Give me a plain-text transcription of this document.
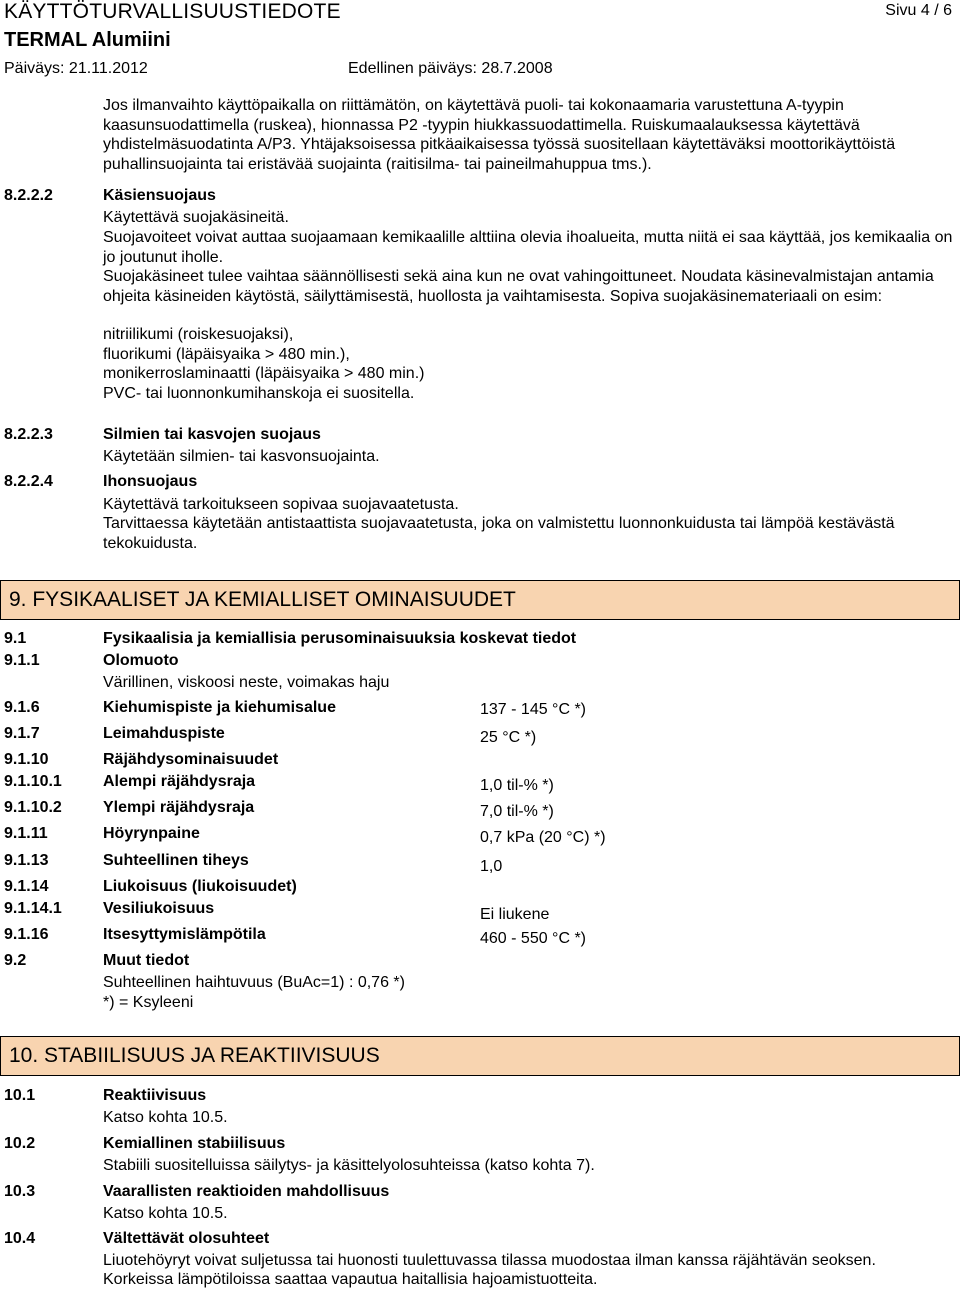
KÄYTTÖTURVALLISUUSTIEDOTE	Sivu 4 / 6
TERMAL Alumiini
Päiväys: 21.11.2012	Edellinen päiväys: 28.7.2008
Jos ilmanvaihto käyttöpaikalla on riittämätön, on käytettävä puoli- tai kokonaamaria varustettuna A-tyypin kaasunsuodattimella (ruskea), hionnassa P2 -tyypin hiukkassuodattimella. Ruiskumaalauksessa käytettävä yhdistelmäsuodatinta A/P3. Yhtäjaksoisessa pitkäaikaisessa työssä suositellaan käytettäväksi moottorikäyttöistä puhallinsuojainta tai eristävää suojainta (raitisilma- tai paineilmahuppua tms.).
8.2.2.2	Käsiensuojaus
Käytettävä suojakäsineitä.
Suojavoiteet voivat auttaa suojaamaan kemikaalille alttiina olevia ihoalueita, mutta niitä ei saa käyttää, jos kemikaalia on jo joutunut iholle.
Suojakäsineet tulee vaihtaa säännöllisesti sekä aina kun ne ovat vahingoittuneet. Noudata käsinevalmistajan antamia ohjeita käsineiden käytöstä, säilyttämisestä, huollosta ja vaihtamisesta. Sopiva suojakäsinemateriaali on esim:
nitriilikumi (roiskesuojaksi),
fluorikumi (läpäisyaika > 480 min.),
monikerroslaminaatti (läpäisyaika > 480 min.)
PVC- tai luonnonkumihanskoja ei suositella.
8.2.2.3	Silmien tai kasvojen suojaus
Käytetään silmien- tai kasvonsuojainta.
8.2.2.4	Ihonsuojaus
Käytettävä tarkoitukseen sopivaa suojavaatetusta.
Tarvittaessa käytetään antistaattista suojavaatetusta, joka on valmistettu luonnonkuidusta tai lämpöä kestävästä tekokuidusta.
9. FYSIKAALISET JA KEMIALLISET OMINAISUUDET
9.1	Fysikaalisia ja kemiallisia perusominaisuuksia koskevat tiedot
9.1.1	Olomuoto
Värillinen, viskoosi neste, voimakas haju
9.1.6	Kiehumispiste ja kiehumisalue	137 - 145 °C *)
9.1.7	Leimahduspiste	25 °C *)
9.1.10	Räjähdysominaisuudet
9.1.10.1	Alempi räjähdysraja	1,0 til-% *)
9.1.10.2	Ylempi räjähdysraja	7,0 til-% *)
9.1.11	Höyrynpaine	0,7 kPa (20 °C) *)
9.1.13	Suhteellinen tiheys	1,0
9.1.14	Liukoisuus (liukoisuudet)
9.1.14.1	Vesiliukoisuus	Ei liukene
9.1.16	Itsesyttymislämpötila	460 - 550 °C *)
9.2	Muut tiedot
Suhteellinen haihtuvuus (BuAc=1) : 0,76 *)
*) = Ksyleeni
10. STABIILISUUS JA REAKTIIVISUUS
10.1	Reaktiivisuus
Katso kohta 10.5.
10.2	Kemiallinen stabiilisuus
Stabiili suositelluissa säilytys- ja käsittelyolosuhteissa (katso kohta 7).
10.3	Vaarallisten reaktioiden mahdollisuus
Katso kohta 10.5.
10.4	Vältettävät olosuhteet
Liuotehöyryt voivat suljetussa tai huonosti tuulettuvassa tilassa muodostaa ilman kanssa räjähtävän seoksen.
Korkeissa lämpötiloissa saattaa vapautua haitallisia hajoamistuotteita.
